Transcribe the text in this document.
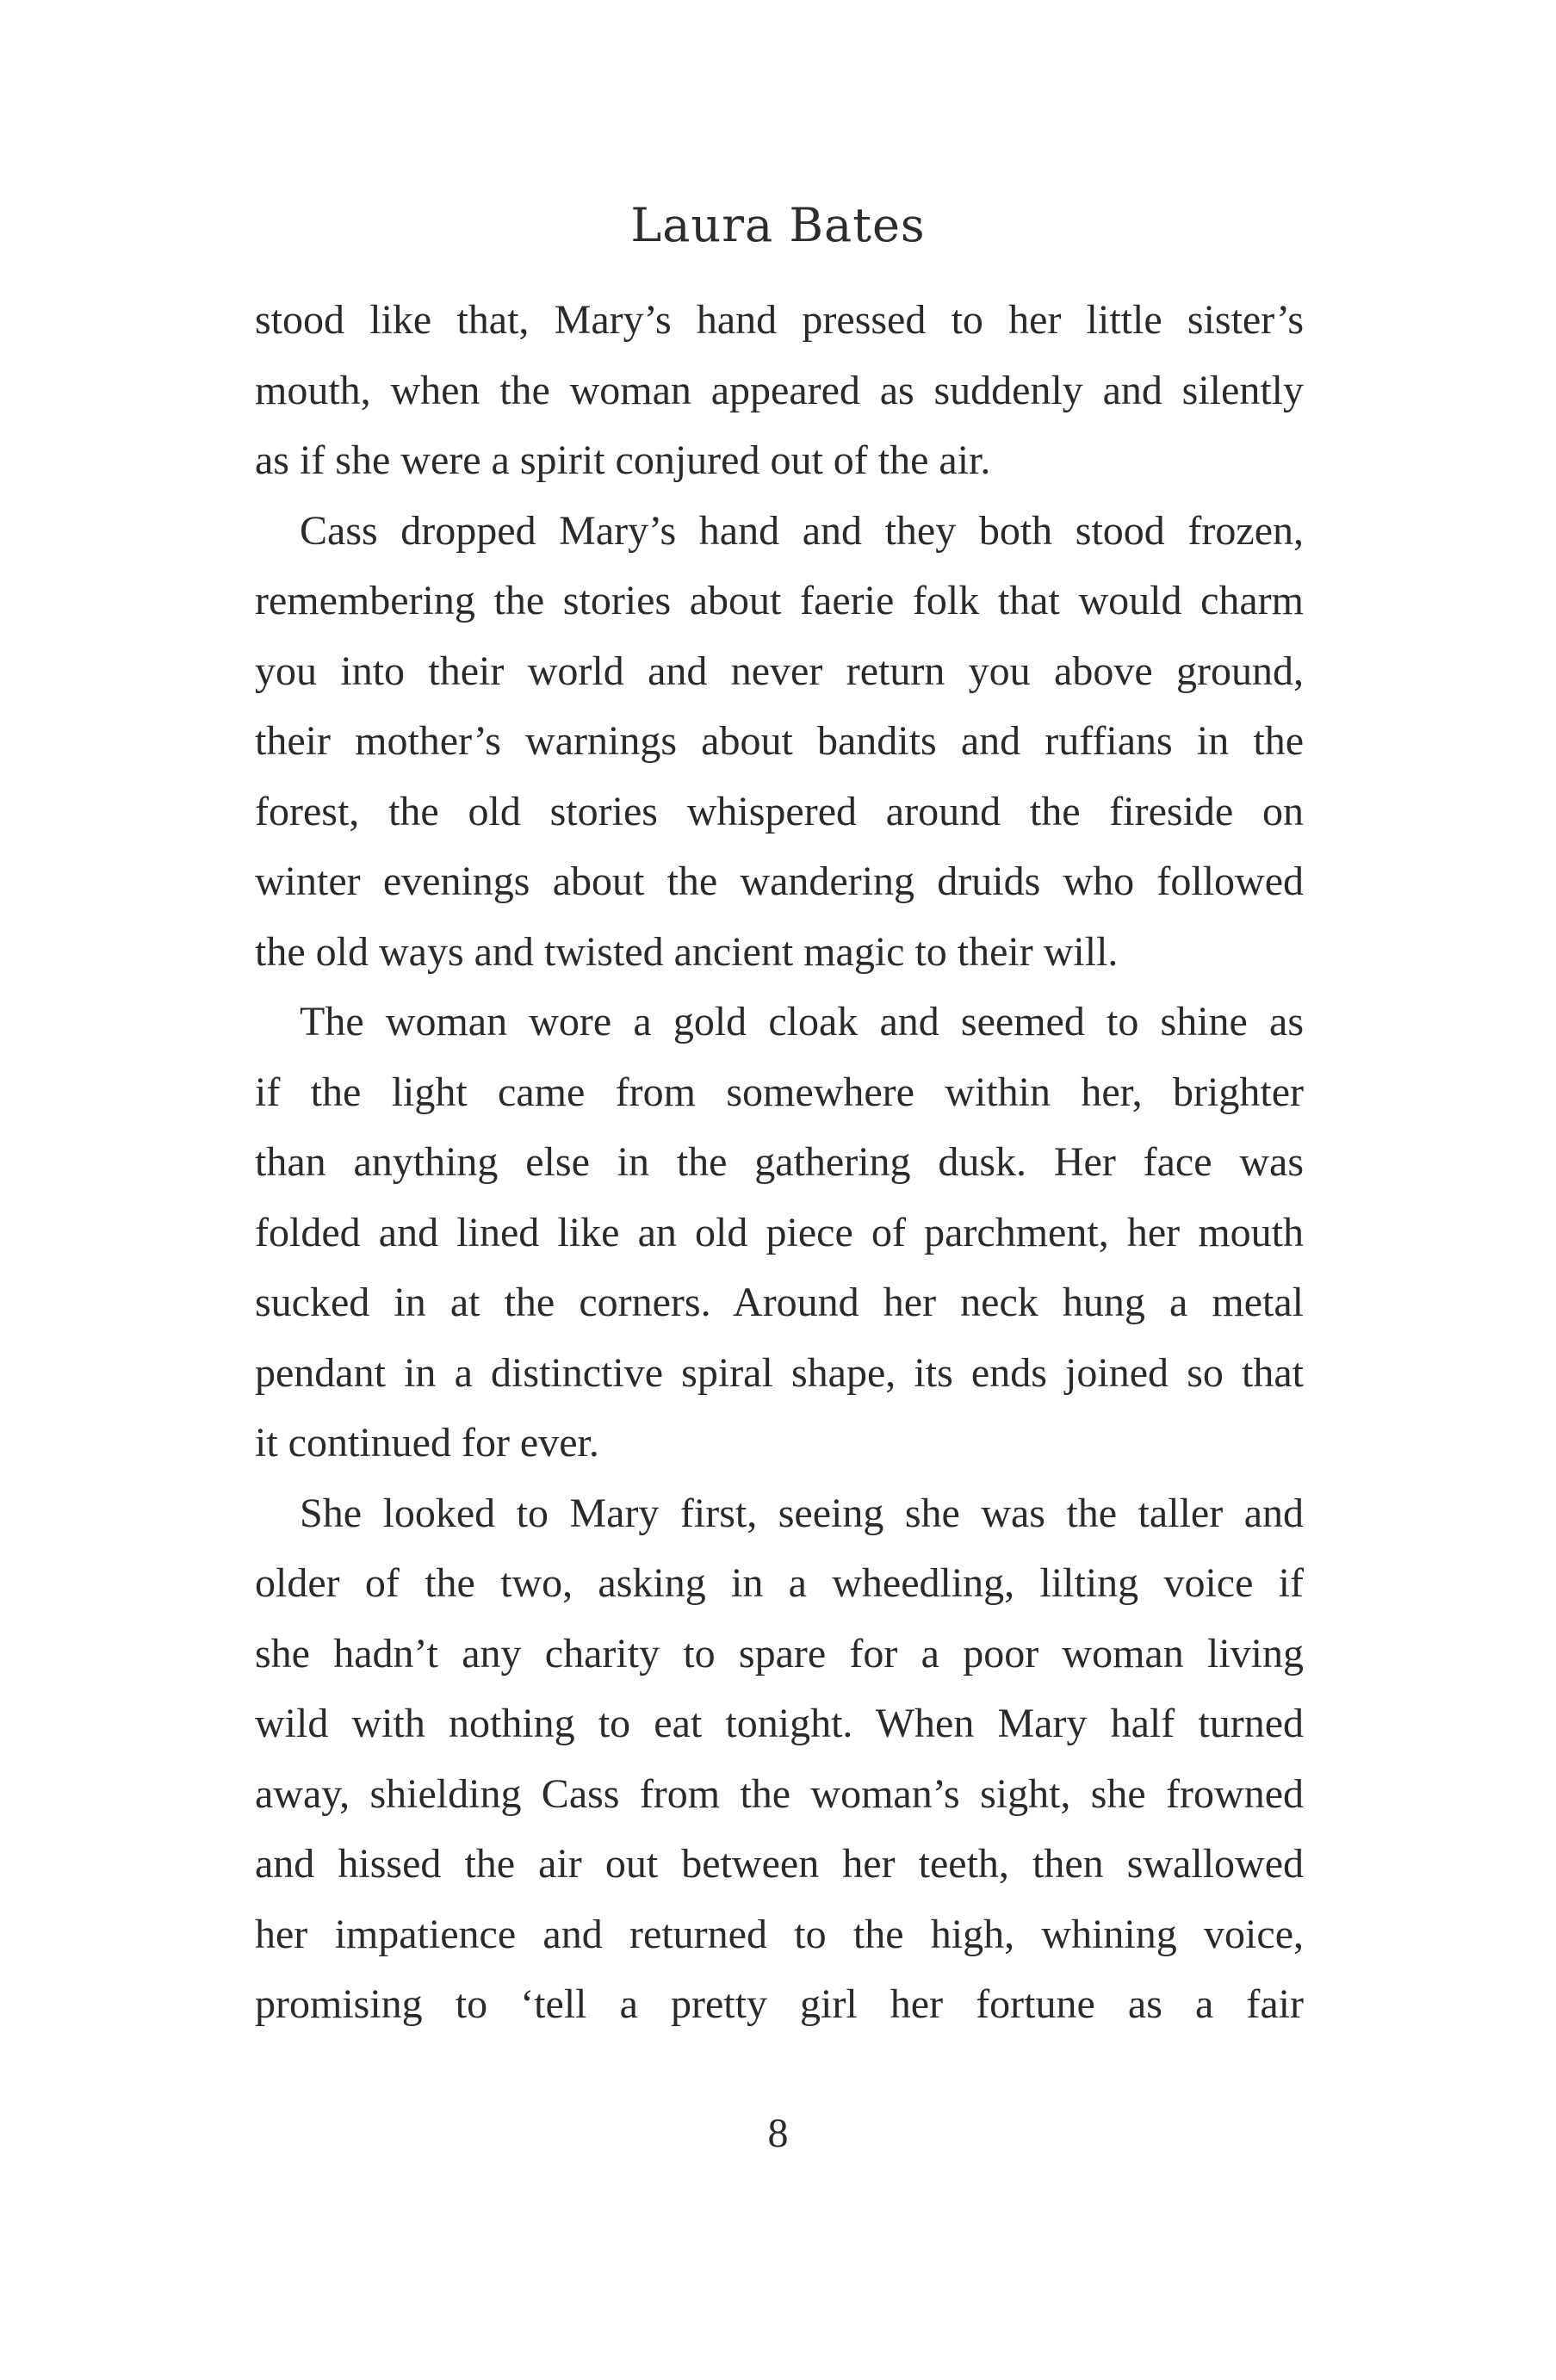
Laura Bates
stood like that, Mary’s hand pressed to her little sister’s
mouth, when the woman appeared as suddenly and silently
as if she were a spirit conjured out of the air.
Cass dropped Mary’s hand and they both stood frozen,
remembering the stories about faerie folk that would charm
you into their world and never return you above ground,
their mother’s warnings about bandits and ruffians in the
forest, the old stories whispered around the fireside on
winter evenings about the wandering druids who followed
the old ways and twisted ancient magic to their will.
The woman wore a gold cloak and seemed to shine as
if the light came from somewhere within her, brighter
than anything else in the gathering dusk. Her face was
folded and lined like an old piece of parchment, her mouth
sucked in at the corners. Around her neck hung a metal
pendant in a distinctive spiral shape, its ends joined so that
it continued for ever.
She looked to Mary first, seeing she was the taller and
older of the two, asking in a wheedling, lilting voice if
she hadn’t any charity to spare for a poor woman living
wild with nothing to eat tonight. When Mary half turned
away, shielding Cass from the woman’s sight, she frowned
and hissed the air out between her teeth, then swallowed
her impatience and returned to the high, whining voice,
promising to ‘tell a pretty girl her fortune as a fair
8
